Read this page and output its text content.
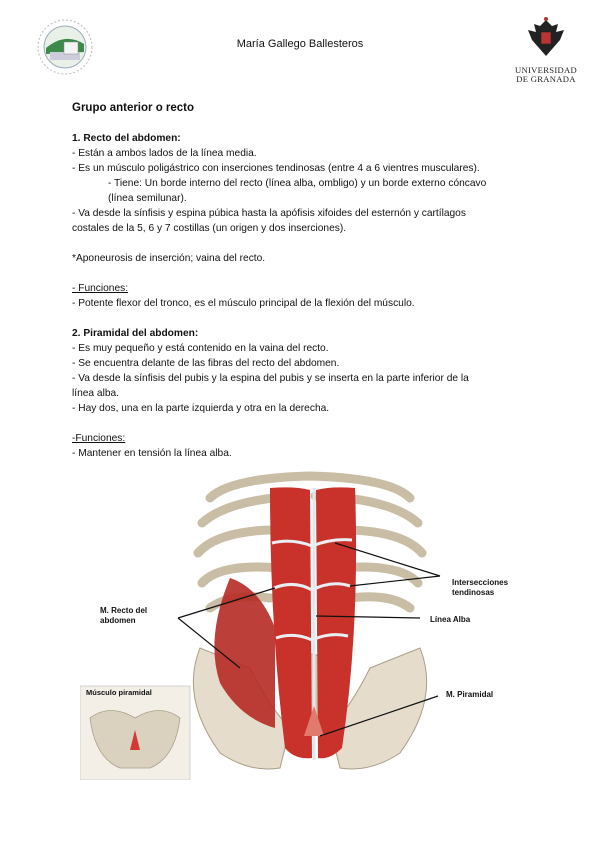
María Gallego Ballesteros
UNIVERSIDAD
DE GRANADA

Grupo anterior o recto

1. Recto del abdomen:

- Están a ambos lados de la línea media.

- Es un músculo poligástrico con inserciones tendinosas (entre 4 a 6 vientres musculares).

- Tiene: Un borde interno del recto (línea alba, ombligo) y un borde externo cóncavo

(línea semilunar).

- Va desde la sínfisis y espina púbica hasta la apófisis xifoides del esternón y cartílagos

costales de la 5, 6 y 7 costillas (un origen y dos inserciones).

*Aponeurosis de inserción; vaina del recto.

- Funciones:

- Potente flexor del tronco, es el músculo principal de la flexión del músculo.

2. Piramidal del abdomen:

- Es muy pequeño y está contenido en la vaina del recto.

- Se encuentra delante de las fibras del recto del abdomen.

- Va desde la sínfisis del pubis y la espina del pubis y se inserta en la parte inferior de la

línea alba.

- Hay dos, una en la parte izquierda y otra en la derecha.

-Funciones:

- Mantener en tensión la línea alba.

M. Recto del
abdomen
Intersecciones
tendinosas
Línea Alba
M. Piramidal
Músculo piramidal
